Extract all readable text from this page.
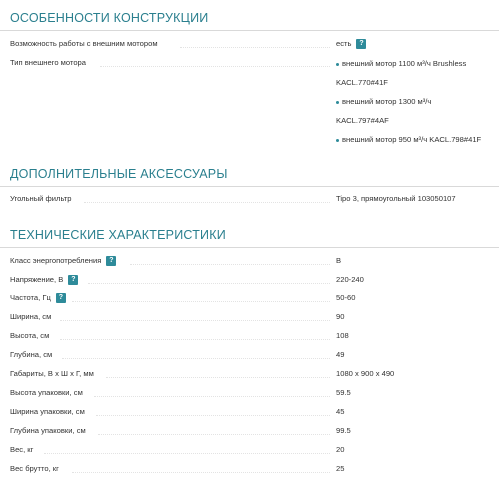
ОСОБЕННОСТИ КОНСТРУКЦИИ
Возможность работы с внешним мотором	есть	?
Тип внешнего мотора	внешний мотор 1100 м³/ч Brushless
KACL.770#41F
внешний мотор 1300 м³/ч
KACL.797#4AF
внешний мотор 950 м³/ч KACL.798#41F
ДОПОЛНИТЕЛЬНЫЕ АКСЕССУАРЫ
Угольный фильтр	Tipo 3, прямоугольный 103050107
ТЕХНИЧЕСКИЕ ХАРАКТЕРИСТИКИ
Класс энергопотребления	?	B
Напряжение, В	?	220-240
Частота, Гц	?	50-60
Ширина, см	90
Высота, см	108
Глубина, см	49
Габариты, В х Ш х Г, мм	1080 x 900 x 490
Высота упаковки, см	59.5
Ширина упаковки, см	45
Глубина упаковки, см	99.5
Вес, кг	20
Вес брутто, кг	25
